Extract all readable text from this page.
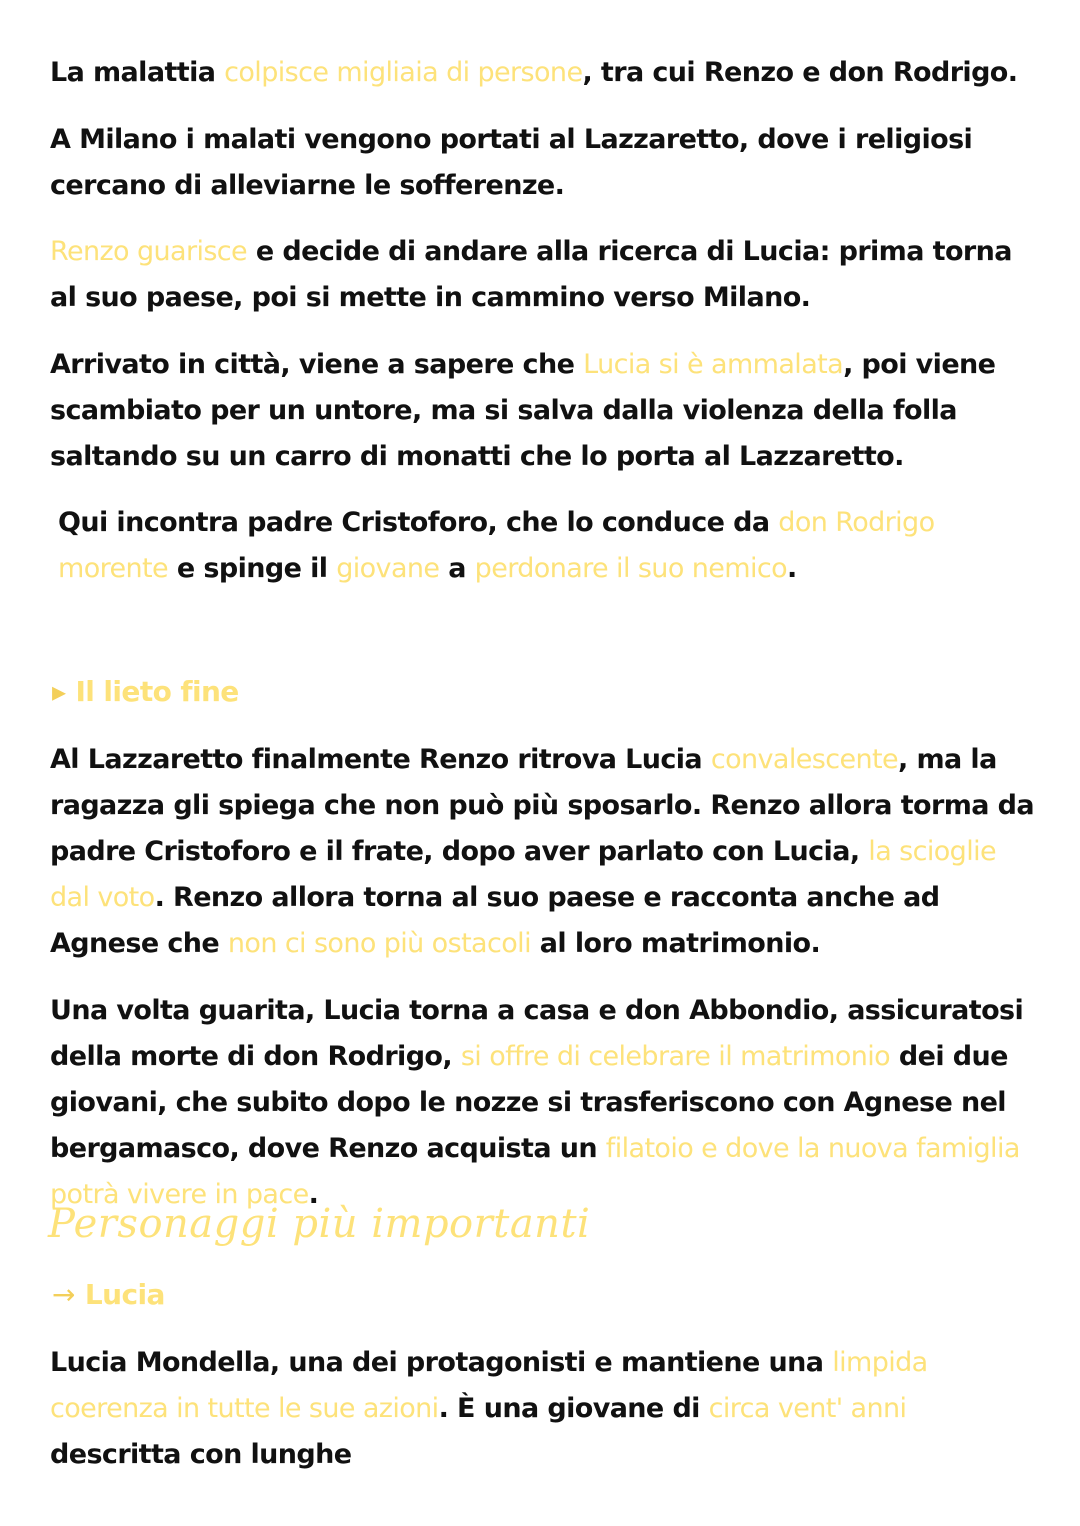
La malattia colpisce migliaia di persone, tra cui Renzo e don Rodrigo.

A Milano i malati vengono portati al Lazzaretto, dove i religiosi cercano di alleviarne le sofferenze.

Renzo guarisce e decide di andare alla ricerca di Lucia: prima torna al suo paese, poi si mette in cammino verso Milano.

Arrivato in città, viene a sapere che Lucia si è ammalata, poi viene scambiato per un untore, ma si salva dalla violenza della folla saltando su un carro di monatti che lo porta al Lazzaretto.

Qui incontra padre Cristoforo, che lo conduce da don Rodrigo morente e spinge il giovane a perdonare il suo nemico.

▸ Il lieto fine

Al Lazzaretto finalmente Renzo ritrova Lucia convalescente, ma la ragazza gli spiega che non può più sposarlo. Renzo allora torma da padre Cristoforo e il frate, dopo aver parlato con Lucia, la scioglie dal voto. Renzo allora torna al suo paese e racconta anche ad Agnese che non ci sono più ostacoli al loro matrimonio.

Una volta guarita, Lucia torna a casa e don Abbondio, assicuratosi della morte di don Rodrigo, si offre di celebrare il matrimonio dei due giovani, che subito dopo le nozze si trasferiscono con Agnese nel bergamasco, dove Renzo acquista un filatoio e dove la nuova famiglia potrà vivere in pace.

Personaggi più importanti
→ Lucia

Lucia Mondella, una dei protagonisti e mantiene una limpida coerenza in tutte le sue azioni. È una giovane di circa vent' anni descritta con lunghe
